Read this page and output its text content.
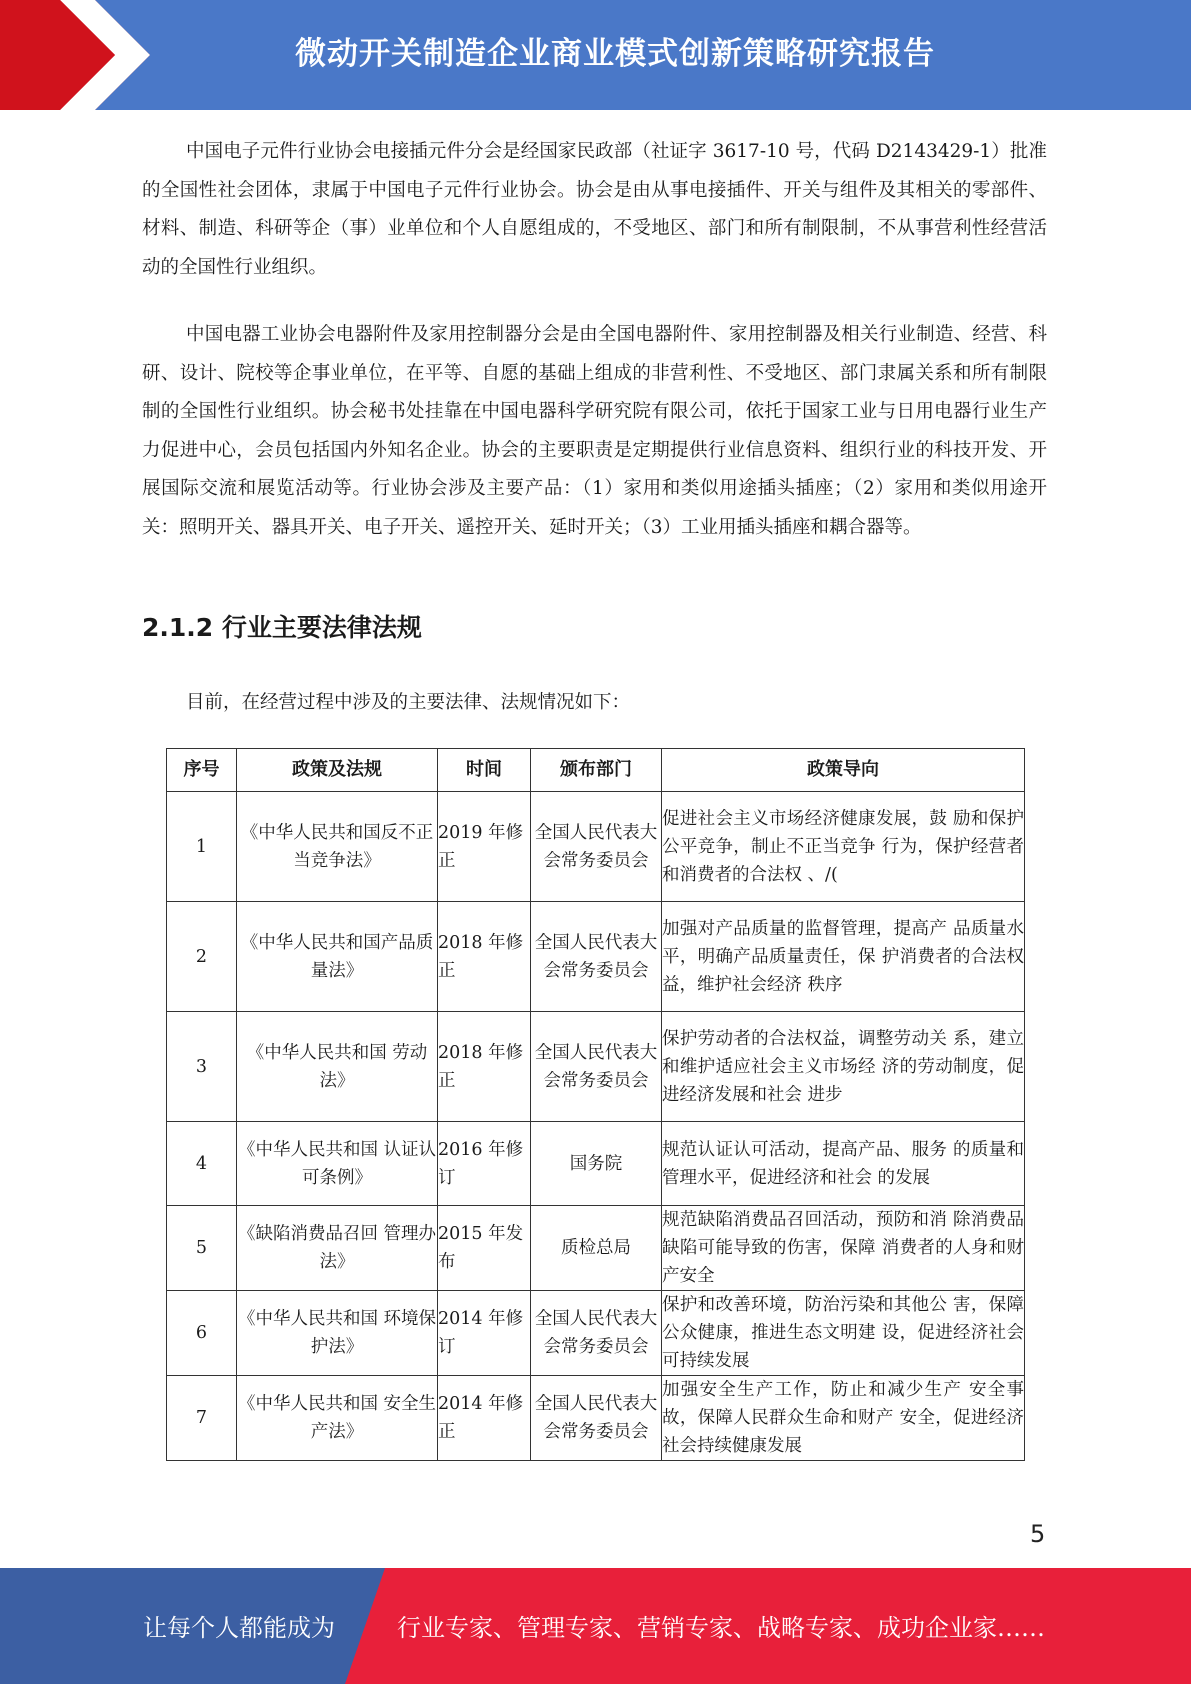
微动开关制造企业商业模式创新策略研究报告

中国电子元件行业协会电接插元件分会是经国家民政部（社证字 3617-10 号，代码 D2143429-1）批准的全国性社会团体，隶属于中国电子元件行业协会。协会是由从事电接插件、开关与组件及其相关的零部件、材料、制造、科研等企（事）业单位和个人自愿组成的，不受地区、部门和所有制限制，不从事营利性经营活动的全国性行业组织。

中国电器工业协会电器附件及家用控制器分会是由全国电器附件、家用控制器及相关行业制造、经营、科研、设计、院校等企事业单位，在平等、自愿的基础上组成的非营利性、不受地区、部门隶属关系和所有制限制的全国性行业组织。协会秘书处挂靠在中国电器科学研究院有限公司，依托于国家工业与日用电器行业生产力促进中心，会员包括国内外知名企业。协会的主要职责是定期提供行业信息资料、组织行业的科技开发、开展国际交流和展览活动等。行业协会涉及主要产品：（1）家用和类似用途插头插座；（2）家用和类似用途开关：照明开关、器具开关、电子开关、遥控开关、延时开关；（3）工业用插头插座和耦合器等。

2.1.2 行业主要法律法规
目前，在经营过程中涉及的主要法律、法规情况如下：
序号	政策及法规	时间	颁布部门	政策导向
1	《中华人民共和国反不正当竞争法》	2019 年修正	全国人民代表大会常务委员会	促进社会主义市场经济健康发展，鼓 励和保护公平竞争，制止不正当竞争 行为，保护经营者和消费者的合法权 、/(
2	《中华人民共和国产品质量法》	2018 年修正	全国人民代表大会常务委员会	加强对产品质量的监督管理，提高产 品质量水平，明确产品质量责任，保 护消费者的合法权益，维护社会经济 秩序
3	《中华人民共和国 劳动法》	2018 年修正	全国人民代表大会常务委员会	保护劳动者的合法权益，调整劳动关 系，建立和维护适应社会主义市场经 济的劳动制度，促进经济发展和社会 进步
4	《中华人民共和国 认证认可条例》	2016 年修订	国务院	规范认证认可活动，提高产品、服务 的质量和管理水平，促进经济和社会 的发展
5	《缺陷消费品召回 管理办法》	2015 年发布	质检总局	规范缺陷消费品召回活动，预防和消 除消费品缺陷可能导致的伤害，保障 消费者的人身和财产安全
6	《中华人民共和国 环境保护法》	2014 年修订	全国人民代表大会常务委员会	保护和改善环境，防治污染和其他公 害，保障公众健康，推进生态文明建 设，促进经济社会可持续发展
7	《中华人民共和国 安全生产法》	2014 年修正	全国人民代表大会常务委员会	加强安全生产工作，防止和减少生产 安全事故，保障人民群众生命和财产 安全，促进经济社会持续健康发展
5
让每个人都能成为	行业专家、管理专家、营销专家、战略专家、成功企业家……
